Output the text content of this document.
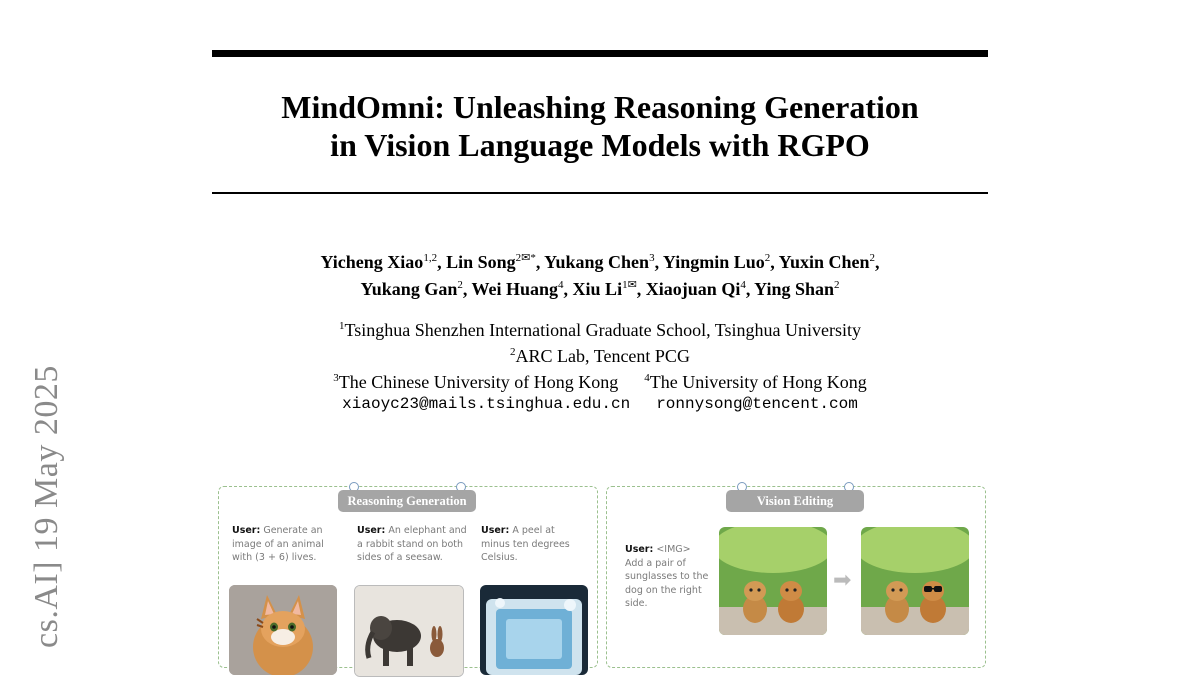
cs.AI] 19 May 2025
MindOmni: Unleashing Reasoning Generation
in Vision Language Models with RGPO
Yicheng Xiao$^{1,2}$, Lin Song$^{2✉*}$, Yukang Chen$^3$, Yingmin Luo$^2$, Yuxin Chen$^2$,
Yukang Gan$^2$, Wei Huang$^4$, Xiu $Li^{1✉}$, Xiaojuan Qi$^4$, Ying Shan$^2$
$^1$Tsinghua Shenzhen International Graduate School, Tsinghua University
$^2$ARC Lab, Tencent PCG
$^3$The Chinese University of Hong Kong $^4$The University of Hong Kong
xiaoyc23@mails.tsinghua.edu.cn ronnysong@tencent.com
Reasoning Generation
User: Generate an image of an animal with (3 + 6) lives.
User: An elephant and a rabbit stand on both sides of a seesaw.
User: A peel at minus ten degrees Celsius.
Vision Editing
User: <IMG> Add a pair of sunglasses to the dog on the right side.
➡
